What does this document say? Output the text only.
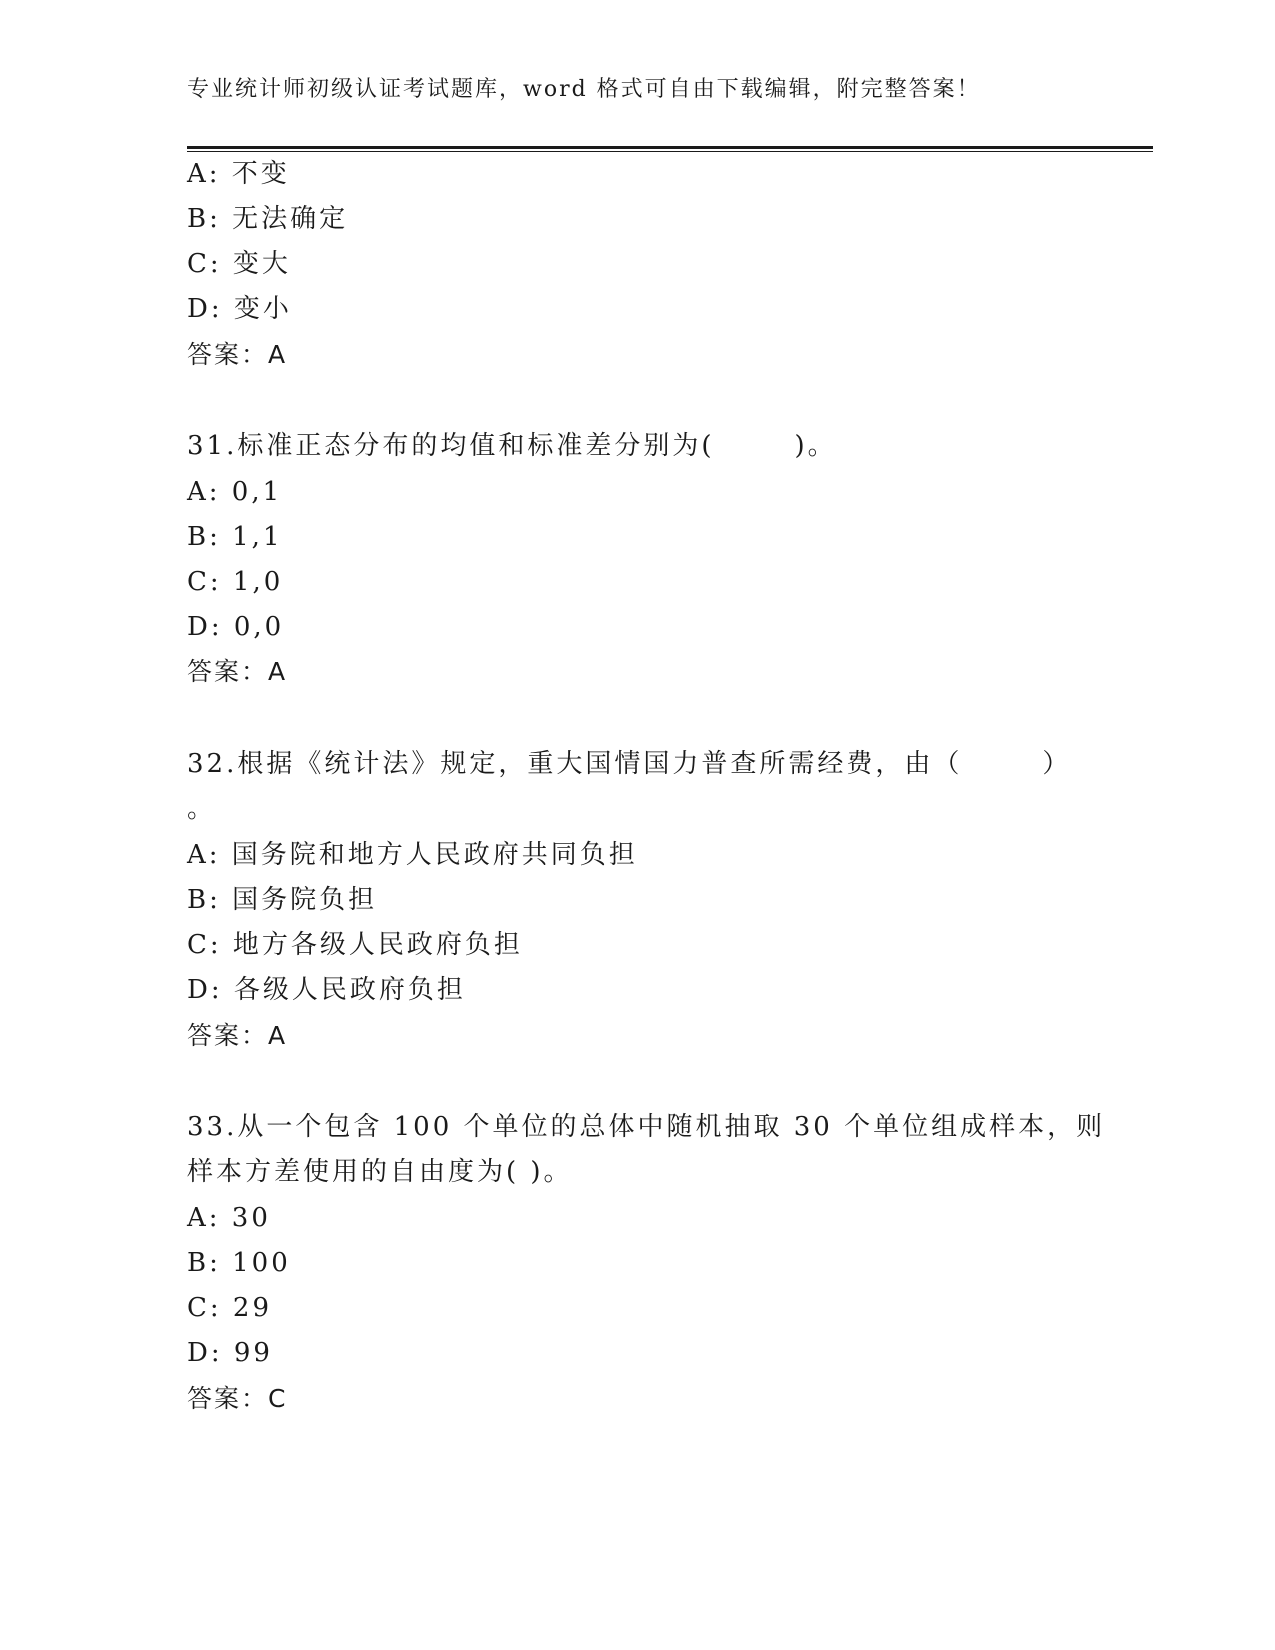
专业统计师初级认证考试题库，word 格式可自由下载编辑，附完整答案！
A: 不变
B: 无法确定
C: 变大
D: 变小
答案：A
31.标准正态分布的均值和标准差分别为(	)。
A: 0,1
B: 1,1
C: 1,0
D: 0,0
答案：A
32.根据《统计法》规定，重大国情国力普查所需经费，由（	）
。
A: 国务院和地方人民政府共同负担
B: 国务院负担
C: 地方各级人民政府负担
D: 各级人民政府负担
答案：A
33.从一个包含 100 个单位的总体中随机抽取 30 个单位组成样本，则
样本方差使用的自由度为( )。
A: 30
B: 100
C: 29
D: 99
答案：C
